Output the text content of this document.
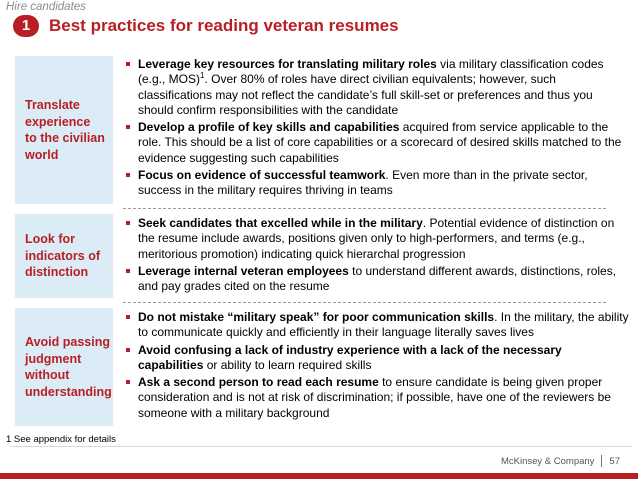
Hire candidates
1	Best practices for reading veteran resumes
Translate experience to the civilian world
Leverage key resources for translating military roles via military classification codes (e.g., MOS)$^1$. Over 80% of roles have direct civilian equivalents; however, such classifications may not reflect the candidate’s full skill-set or preferences and thus you should confirm responsibilities with the candidate
Develop a profile of key skills and capabilities acquired from service applicable to the role. This should be a list of core capabilities or a scorecard of desired skills matched to the evidence suggesting such capabilities
Focus on evidence of successful teamwork. Even more than in the private sector, success in the military requires thriving in teams
Look for indicators of distinction
Seek candidates that excelled while in the military. Potential evidence of distinction on the resume include awards, positions given only to high-performers, and terms (e.g., meritorious promotion) indicating quick hierarchal progression
Leverage internal veteran employees to understand different awards, distinctions, roles, and pay grades cited on the resume
Avoid passing judgment without understanding
Do not mistake “military speak” for poor communication skills. In the military, the ability to communicate quickly and efficiently in their language literally saves lives
Avoid confusing a lack of industry experience with a lack of the necessary capabilities or ability to learn required skills
Ask a second person to read each resume to ensure candidate is being given proper consideration and is not at risk of discrimination; if possible, have one of the reviewers be someone with a military background
1 See appendix for details
McKinsey & Company 57
